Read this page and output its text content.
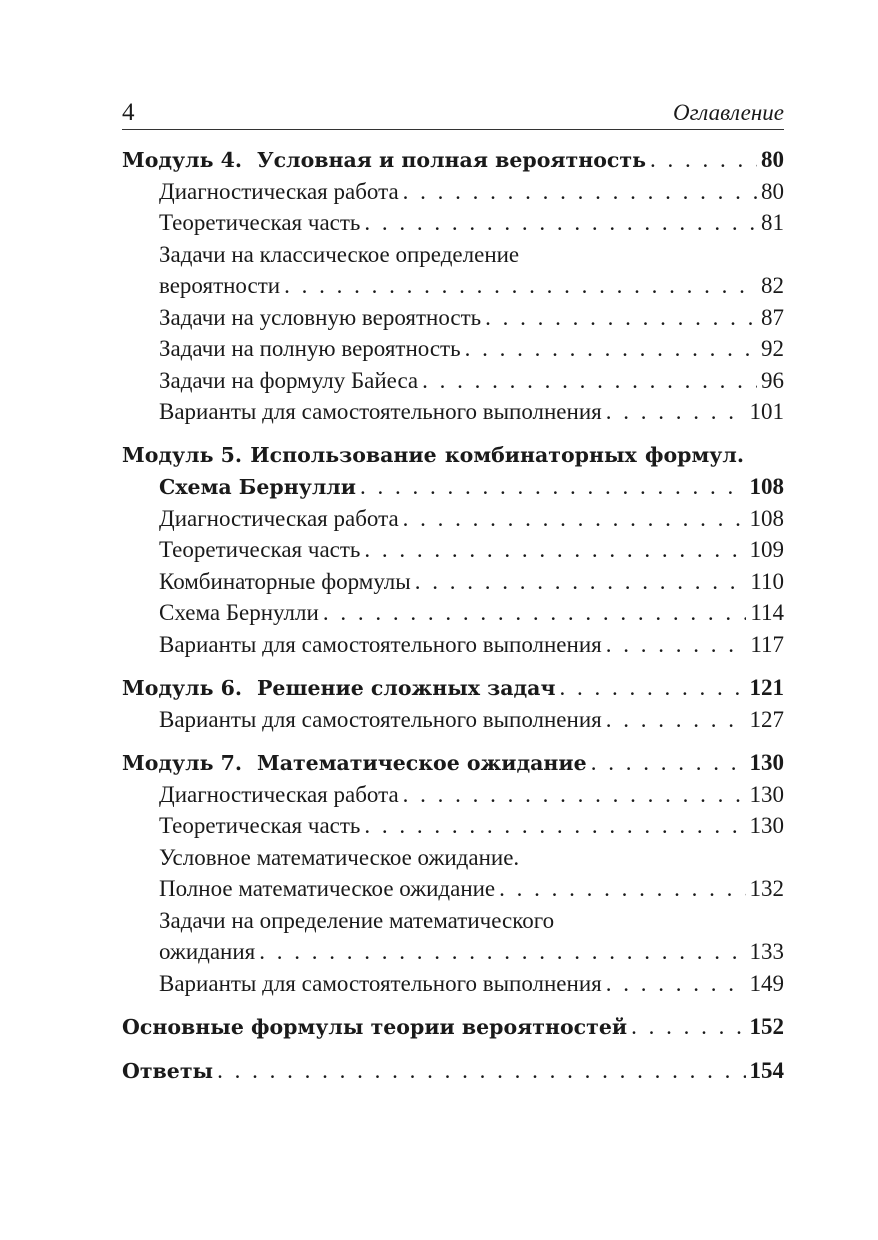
4	Оглавление
Модуль 4. Условная и полная вероятность . . .	80
Диагностическая работа . . .	80
Теоретическая часть . . .	81
Задачи на классическое определение
вероятности . . .	82
Задачи на условную вероятность . . .	87
Задачи на полную вероятность . . .	92
Задачи на формулу Байеса . . .	96
Варианты для самостоятельного выполнения . . .	101
Модуль 5. Использование комбинаторных формул.
Схема Бернулли . . .	108
Диагностическая работа . . .	108
Теоретическая часть . . .	109
Комбинаторные формулы . . .	110
Схема Бернулли . . .	114
Варианты для самостоятельного выполнения . . .	117
Модуль 6. Решение сложных задач . . .	121
Варианты для самостоятельного выполнения . . .	127
Модуль 7. Математическое ожидание . . .	130
Диагностическая работа . . .	130
Теоретическая часть . . .	130
Условное математическое ожидание.
Полное математическое ожидание . . .	132
Задачи на определение математического
ожидания . . .	133
Варианты для самостоятельного выполнения . . .	149
Основные формулы теории вероятностей . . .	152
Ответы . . .	154
